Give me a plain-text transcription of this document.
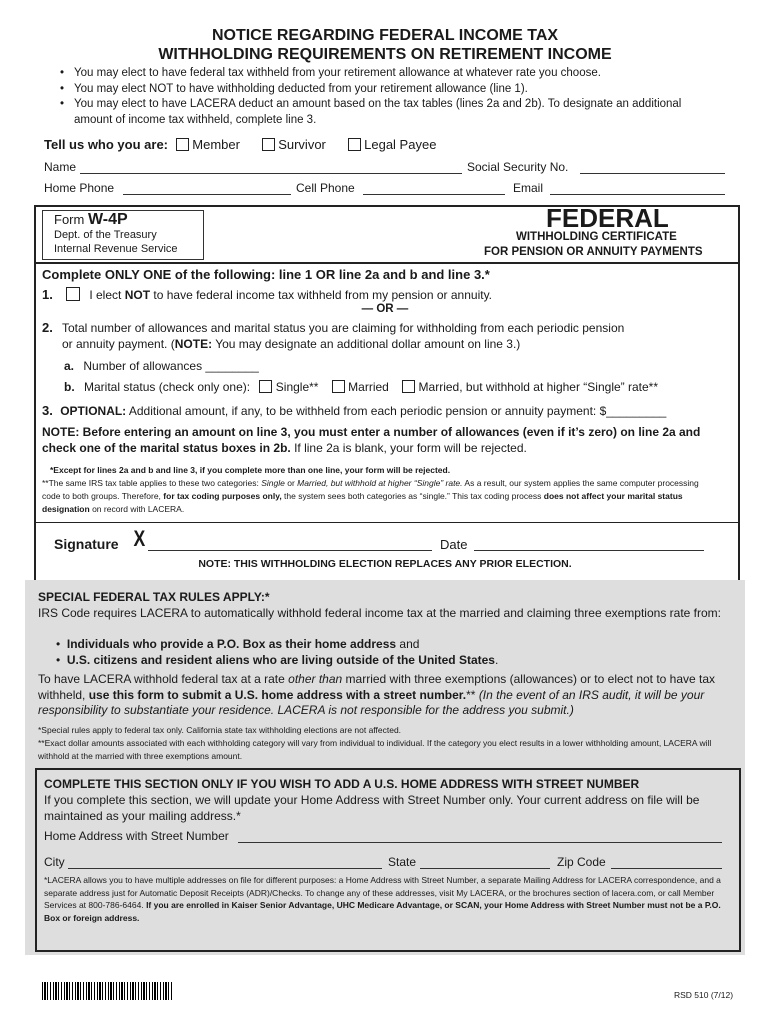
NOTICE REGARDING FEDERAL INCOME TAX
WITHHOLDING REQUIREMENTS ON RETIREMENT INCOME
• You may elect to have federal tax withheld from your retirement allowance at whatever rate you choose.
• You may elect NOT to have withholding deducted from your retirement allowance (line 1).
• You may elect to have LACERA deduct an amount based on the tax tables (lines 2a and 2b). To designate an additional amount of income tax withheld, complete line 3.
Tell us who you are: Member	Survivor	Legal Payee
Name	Social Security No.
Home Phone	Cell Phone	Email
Form W-4P
Dept. of the Treasury
Internal Revenue Service
FEDERAL
WITHHOLDING CERTIFICATE
FOR PENSION OR ANNUITY PAYMENTS
Complete ONLY ONE of the following: line 1 OR line 2a and b and line 3.*
1.	I elect NOT to have federal income tax withheld from my pension or annuity.
— OR —
2. Total number of allowances and marital status you are claiming for withholding from each periodic pension
or annuity payment. (NOTE: You may designate an additional dollar amount on line 3.)
a. Number of allowances ________
b. Marital status (check only one): Single** Married Married, but withhold at higher “Single” rate**
3. OPTIONAL: Additional amount, if any, to be withheld from each periodic pension or annuity payment: $_________
NOTE: Before entering an amount on line 3, you must enter a number of allowances (even if it’s zero) on line 2a and check one of the marital status boxes in 2b. If line 2a is blank, your form will be rejected.
*Except for lines 2a and b and line 3, if you complete more than one line, your form will be rejected.
**The same IRS tax table applies to these two categories: Single or Married, but withhold at higher “Single” rate. As a result, our system applies the same computer processing code to both groups. Therefore, for tax coding purposes only, the system sees both categories as “single.” This tax coding process does not affect your marital status designation on record with LACERA.
Signature X	Date
NOTE: THIS WITHHOLDING ELECTION REPLACES ANY PRIOR ELECTION.
SPECIAL FEDERAL TAX RULES APPLY:*
IRS Code requires LACERA to automatically withhold federal income tax at the married and claiming three exemptions rate from:
•  Individuals who provide a P.O. Box as their home address and
•  U.S. citizens and resident aliens who are living outside of the United States.
To have LACERA withhold federal tax at a rate other than married with three exemptions (allowances) or to elect not to have tax withheld, use this form to submit a U.S. home address with a street number.** (In the event of an IRS audit, it will be your responsibility to substantiate your residence. LACERA is not responsible for the address you submit.)
*Special rules apply to federal tax only. California state tax withholding elections are not affected.
**Exact dollar amounts associated with each withholding category will vary from individual to individual. If the category you elect results in a lower withholding amount, LACERA will withhold at the married with three exemptions amount.
COMPLETE THIS SECTION ONLY IF YOU WISH TO ADD A U.S. HOME ADDRESS WITH STREET NUMBER
If you complete this section, we will update your Home Address with Street Number only. Your current address on file will be maintained as your mailing address.*
Home Address with Street Number
City	State	Zip Code
*LACERA allows you to have multiple addresses on file for different purposes: a Home Address with Street Number, a separate Mailing Address for LACERA correspondence, and a separate address just for Automatic Deposit Receipts (ADR)/Checks. To change any of these addresses, visit My LACERA, or the brochures section of lacera.com, or call Member Services at 800-786-6464. If you are enrolled in Kaiser Senior Advantage, UHC Medicare Advantage, or SCAN, your Home Address with Street Number must not be a P.O. Box or foreign address.
RSD 510 (7/12)
